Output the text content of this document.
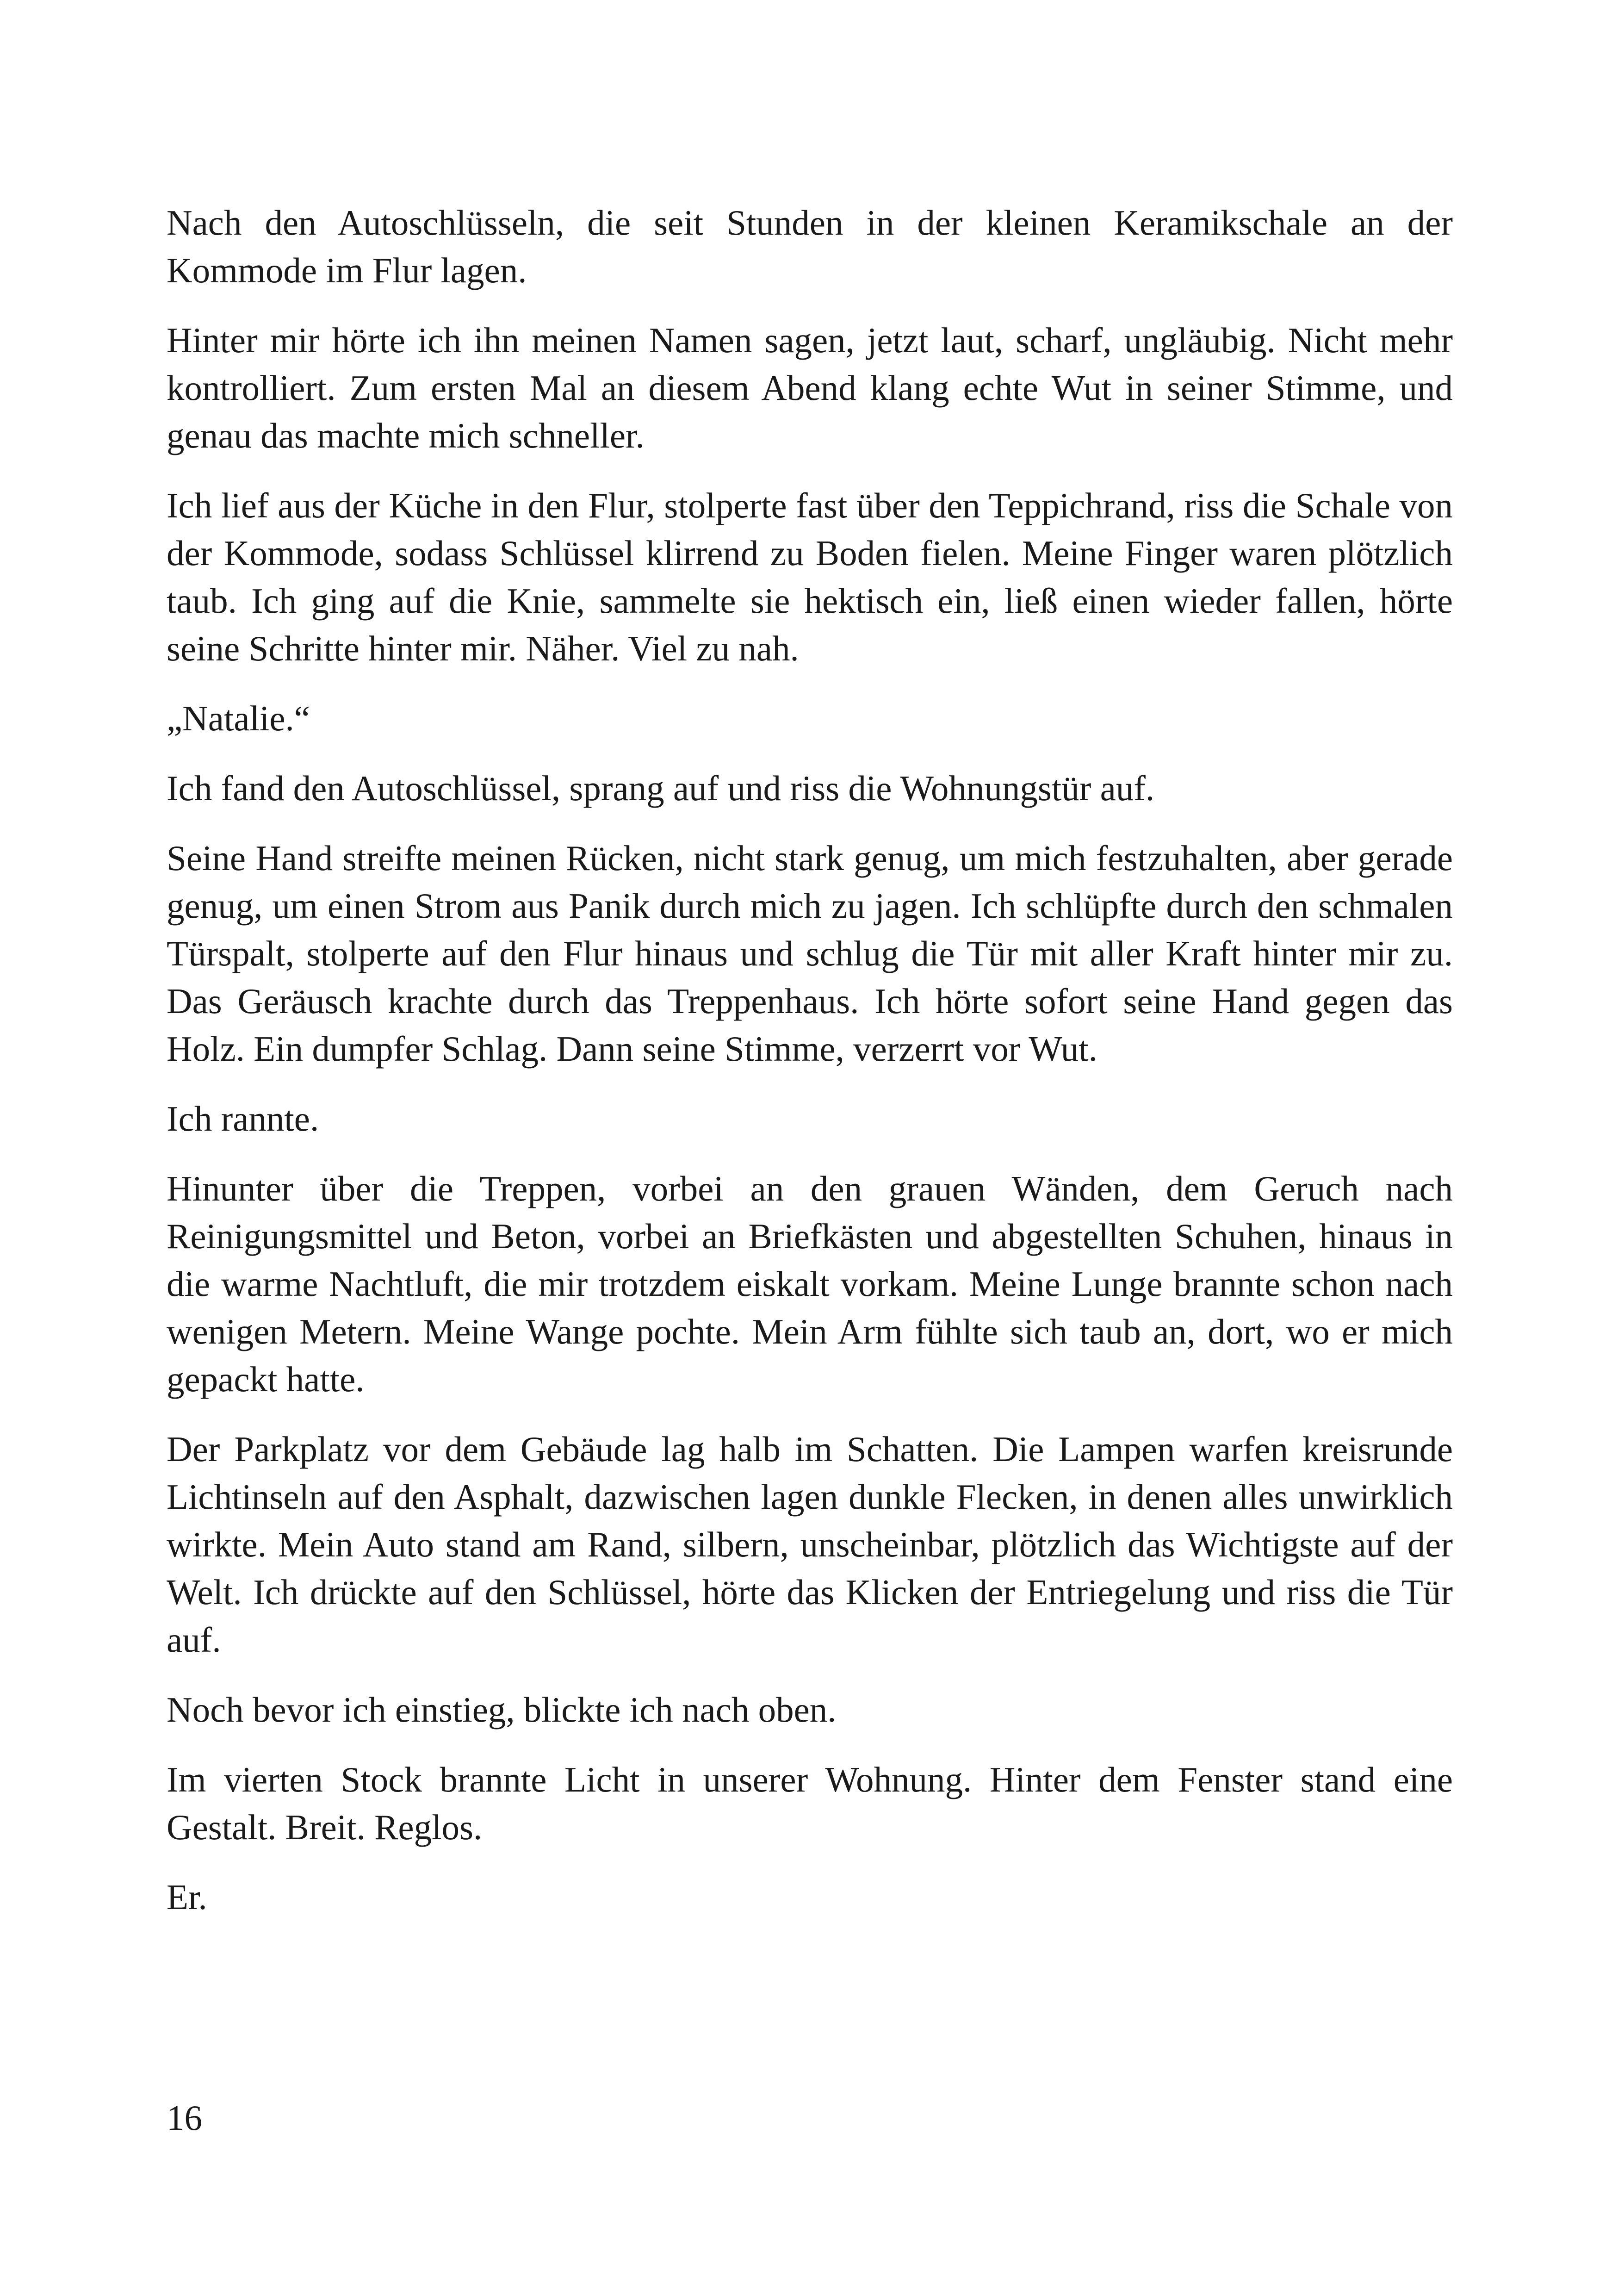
Nach den Autoschlüsseln, die seit Stunden in der kleinen Keramikschale an der Kommode im Flur lagen.

Hinter mir hörte ich ihn meinen Namen sagen, jetzt laut, scharf, ungläubig. Nicht mehr kontrolliert. Zum ersten Mal an diesem Abend klang echte Wut in seiner Stimme, und genau das machte mich schneller.

Ich lief aus der Küche in den Flur, stolperte fast über den Teppichrand, riss die Schale von der Kommode, sodass Schlüssel klirrend zu Boden fielen. Meine Finger waren plötzlich taub. Ich ging auf die Knie, sammelte sie hektisch ein, ließ einen wieder fallen, hörte seine Schritte hinter mir. Näher. Viel zu nah.

„Natalie.“

Ich fand den Autoschlüssel, sprang auf und riss die Wohnungstür auf.

Seine Hand streifte meinen Rücken, nicht stark genug, um mich festzuhalten, aber gerade genug, um einen Strom aus Panik durch mich zu jagen. Ich schlüpfte durch den schmalen Türspalt, stolperte auf den Flur hinaus und schlug die Tür mit aller Kraft hinter mir zu. Das Geräusch krachte durch das Treppenhaus. Ich hörte sofort seine Hand gegen das Holz. Ein dumpfer Schlag. Dann seine Stimme, verzerrt vor Wut.

Ich rannte.

Hinunter über die Treppen, vorbei an den grauen Wänden, dem Geruch nach Reinigungsmittel und Beton, vorbei an Briefkästen und abgestellten Schuhen, hinaus in die warme Nachtluft, die mir trotzdem eiskalt vorkam. Meine Lunge brannte schon nach wenigen Metern. Meine Wange pochte. Mein Arm fühlte sich taub an, dort, wo er mich gepackt hatte.

Der Parkplatz vor dem Gebäude lag halb im Schatten. Die Lampen warfen kreisrunde Lichtinseln auf den Asphalt, dazwischen lagen dunkle Flecken, in denen alles unwirklich wirkte. Mein Auto stand am Rand, silbern, unscheinbar, plötzlich das Wichtigste auf der Welt. Ich drückte auf den Schlüssel, hörte das Klicken der Entriegelung und riss die Tür auf.

Noch bevor ich einstieg, blickte ich nach oben.

Im vierten Stock brannte Licht in unserer Wohnung. Hinter dem Fenster stand eine Gestalt. Breit. Reglos.

Er.

16
